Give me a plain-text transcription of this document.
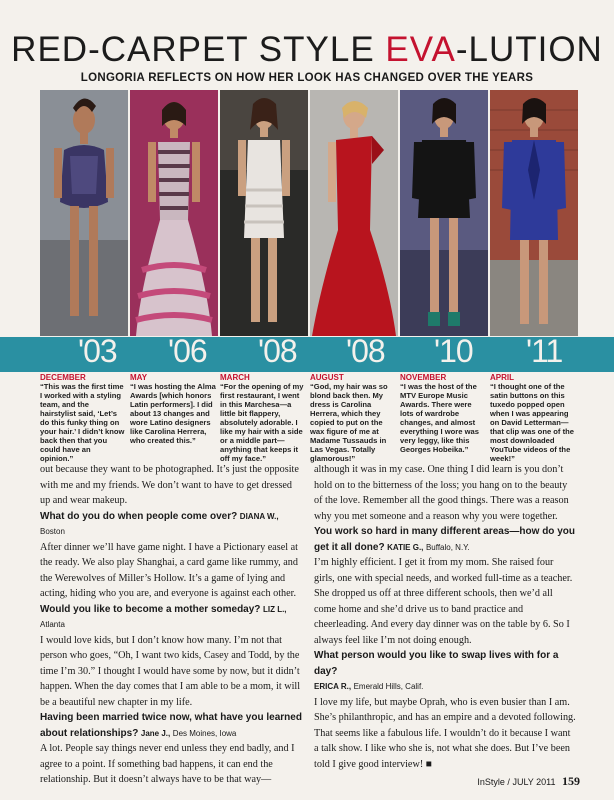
RED-CARPET STYLE EVA-LUTION
LONGORIA REFLECTS ON HOW HER LOOK HAS CHANGED OVER THE YEARS
'03 '06 '08 '08 '10 '11
DECEMBER
“This was the first time I worked with a styling team, and the hairstylist said, ‘Let’s do this funky thing on your hair.’ I didn’t know back then that you could have an opinion.”
MAY
“I was hosting the Alma Awards [which honors Latin performers]. I did about 13 changes and wore Latino designers like Carolina Herrera, who created this.”
MARCH
“For the opening of my first restaurant, I went in this Marchesa—a little bit flappery, absolutely adorable. I like my hair with a side or a middle part—anything that keeps it off my face.”
AUGUST
“God, my hair was so blond back then. My dress is Carolina Herrera, which they copied to put on the wax figure of me at Madame Tussauds in Las Vegas. Totally glamorous!”
NOVEMBER
“I was the host of the MTV Europe Music Awards. There were lots of wardrobe changes, and almost everything I wore was very leggy, like this Georges Hobeika.”
APRIL
“I thought one of the satin buttons on this tuxedo popped open when I was appearing on David Letterman—that clip was one of the most downloaded YouTube videos of the week!”

out because they want to be photographed. It’s just the opposite with me and my friends. We don’t want to have to get dressed up and wear makeup.

What do you do when people come over? DIANA W., Boston

After dinner we’ll have game night. I have a Pictionary easel at the ready. We also play Shanghai, a card game like rummy, and the Werewolves of Miller’s Hollow. It’s a game of lying and acting, hiding who you are, and everyone is against each other.

Would you like to become a mother someday? LIZ L., Atlanta

I would love kids, but I don’t know how many. I’m not that person who goes, “Oh, I want two kids, Casey and Todd, by the time I’m 30.” I thought I would have some by now, but it didn’t happen. When the day comes that I am able to be a mom, it will be a beautiful new chapter in my life.

Having been married twice now, what have you learned about relationships? Jane J., Des Moines, Iowa

A lot. People say things never end unless they end badly, and I agree to a point. If something bad happens, it can end the relationship. But it doesn’t always have to be that way—

although it was in my case. One thing I did learn is you don’t hold on to the bitterness of the loss; you hang on to the beauty of the love. Remember all the good things. There was a reason why you met someone and a reason why you were together.

You work so hard in many different areas—how do you get it all done? KATIE G., Buffalo, N.Y.

I’m highly efficient. I get it from my mom. She raised four girls, one with special needs, and worked full-time as a teacher. She dropped us off at three different schools, then we’d all come home and she’d drive us to band practice and cheerleading. And every day dinner was on the table by 6. So I always feel like I’m not doing enough.

What person would you like to swap lives with for a day?

ERICA R., Emerald Hills, Calif.

I love my life, but maybe Oprah, who is even busier than I am. She’s philanthropic, and has an empire and a devoted following. That seems like a fabulous life. I wouldn’t do it because I want a talk show. I like who she is, not what she does. But I’ve been told I give good interview! ■

InStyle / JULY 2011 159
